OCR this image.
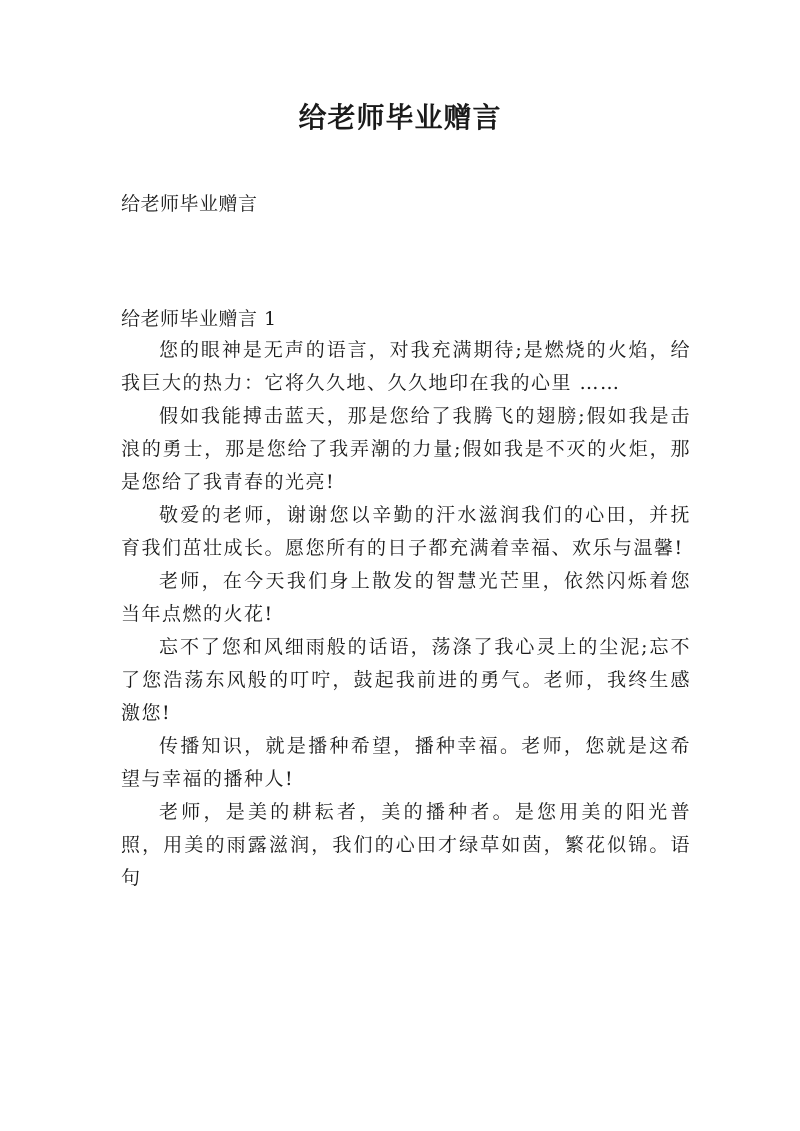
给老师毕业赠言

给老师毕业赠言

给老师毕业赠言 1

您的眼神是无声的语言，对我充满期待;是燃烧的火焰，给我巨大的热力：它将久久地、久久地印在我的心里 ……

假如我能搏击蓝天，那是您给了我腾飞的翅膀;假如我是击浪的勇士，那是您给了我弄潮的力量;假如我是不灭的火炬，那是您给了我青春的光亮!

敬爱的老师，谢谢您以辛勤的汗水滋润我们的心田，并抚育我们茁壮成长。愿您所有的日子都充满着幸福、欢乐与温馨!

老师，在今天我们身上散发的智慧光芒里，依然闪烁着您当年点燃的火花!

忘不了您和风细雨般的话语，荡涤了我心灵上的尘泥;忘不了您浩荡东风般的叮咛，鼓起我前进的勇气。老师，我终生感激您!

传播知识，就是播种希望，播种幸福。老师，您就是这希望与幸福的播种人!

老师，是美的耕耘者，美的播种者。是您用美的阳光普照，用美的雨露滋润，我们的心田才绿草如茵，繁花似锦。语句
